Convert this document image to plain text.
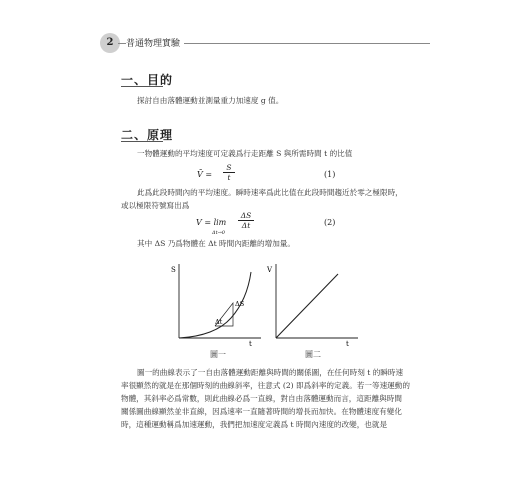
2	普通物理實驗
一、目的
探討自由落體運動並測量重力加速度 g 值。
二、原理
一物體運動的平均速度可定義爲行走距離 S 與所需時間 t 的比值
V̄ =
S
t	(1)
此爲此段時間內的平均速度。瞬時速率爲此比值在此段時間趨近於零之極限時，
或以極限符號寫出爲
V = lim
Δt→0
ΔS
Δt	(2)
其中 ΔS 乃爲物體在 Δt 時間內距離的增加量。
S
t
ΔS
Δt
圖一
V
t
圖二
圖一的曲線表示了一自由落體運動距離與時間的關係圖，在任何時刻 t 的瞬時速
率很顯然的就是在那個時刻的曲線斜率，往意式 (2) 即爲斜率的定義。若一等速運動的
物體，其斜率必爲常數，則此曲線必爲一直線，對自由落體運動而言，這距離與時間
關係圖曲線顯然並非直線，因爲速率一直隨著時間的增長而加快。在物體速度有變化
時，這種運動稱爲加速運動，我們把加速度定義爲 t 時間內速度的改變，也就是
